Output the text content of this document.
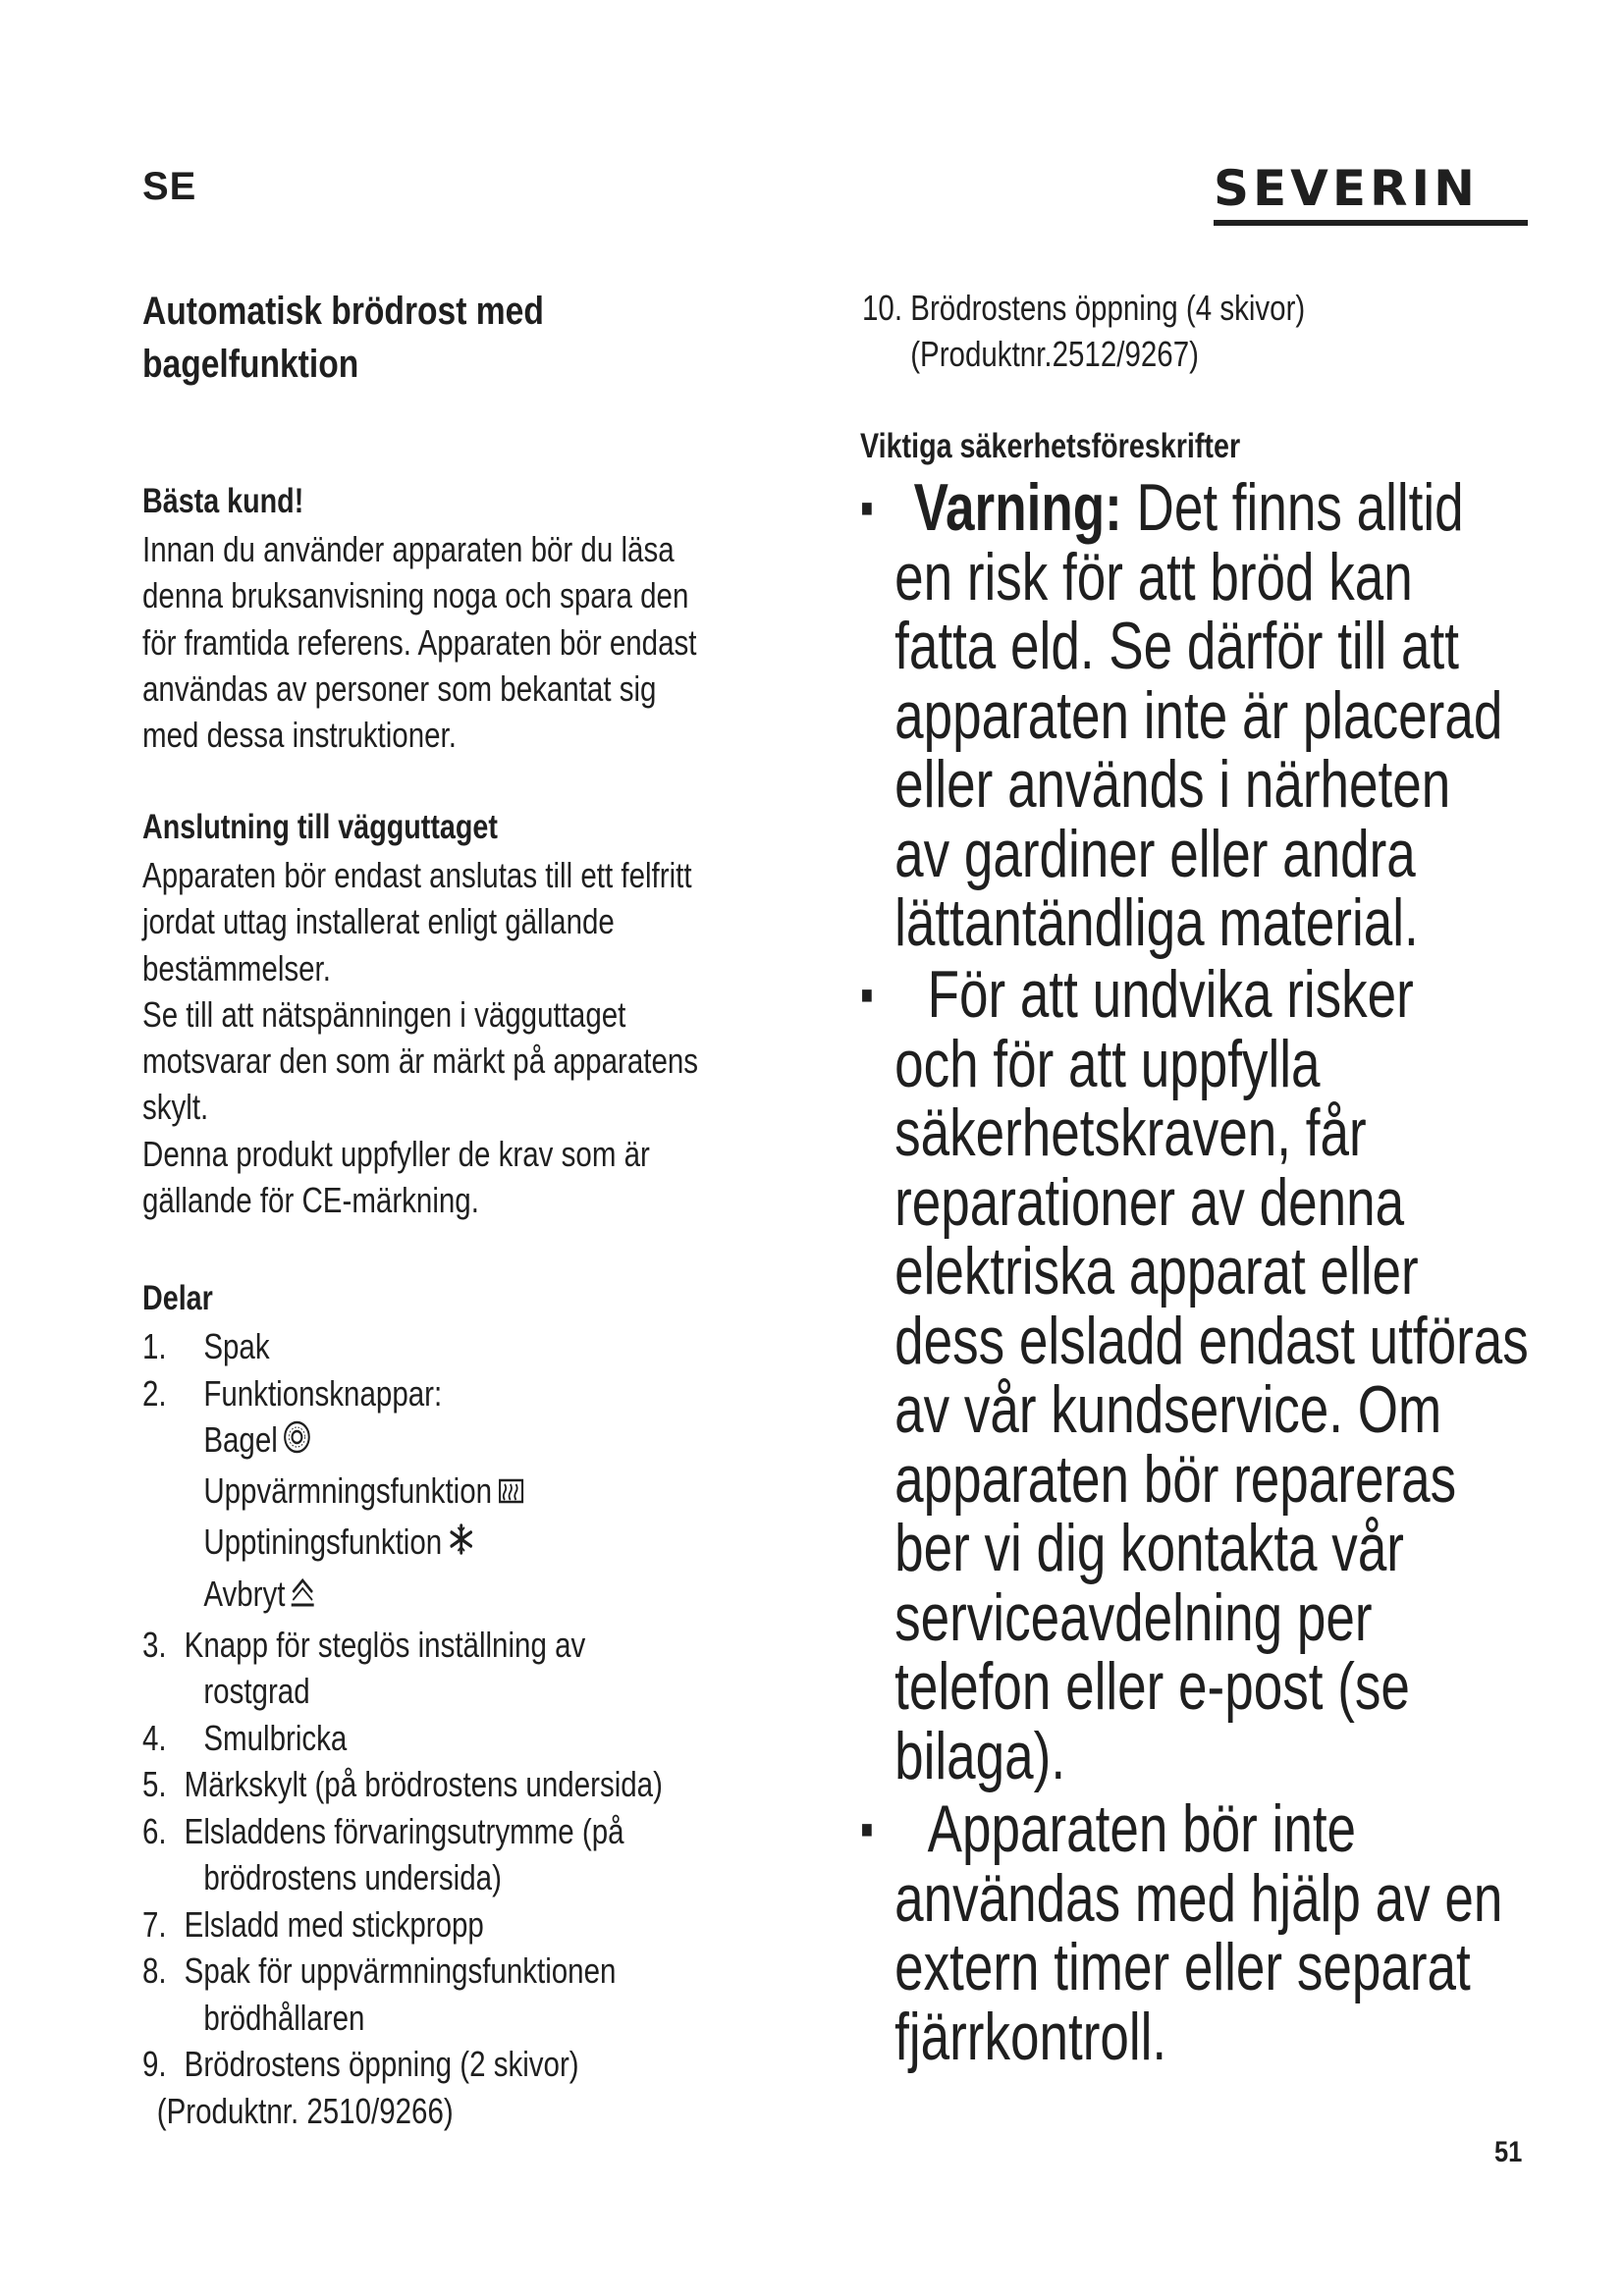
SE	SEVERIN
Automatisk brödrost med
bagelfunktion
Bästa kund!
Innan du använder apparaten bör du läsa
denna bruksanvisning noga och spara den
för framtida referens. Apparaten bör endast
användas av personer som bekantat sig
med dessa instruktioner.
Anslutning till vägguttaget
Apparaten bör endast anslutas till ett felfritt
jordat uttag installerat enligt gällande
bestämmelser.
Se till att nätspänningen i vägguttaget
motsvarar den som är märkt på apparatens
skylt.
Denna produkt uppfyller de krav som är
gällande för CE-märkning.
Delar
1. Spak
2. Funktionsknappar:
Bagel
Uppvärmningsfunktion
Upptiningsfunktion
Avbryt
3. Knapp för steglös inställning av
rostgrad
4. Smulbricka
5. Märkskylt (på brödrostens undersida)
6. Elsladdens förvaringsutrymme (på
brödrostens undersida)
7. Elsladd med stickpropp
8. Spak för uppvärmningsfunktionen
brödhållaren
9. Brödrostens öppning (2 skivor)
(Produktnr. 2510/9266)
10. Brödrostens öppning (4 skivor)
(Produktnr.2512/9267)
Viktiga säkerhetsföreskrifter
▪ Varning: Det finns alltid
en risk för att bröd kan
fatta eld. Se därför till att
apparaten inte är placerad
eller används i närheten
av gardiner eller andra
lättantändliga material.
▪ För att undvika risker
och för att uppfylla
säkerhetskraven, får
reparationer av denna
elektriska apparat eller
dess elsladd endast utföras
av vår kundservice. Om
apparaten bör repareras
ber vi dig kontakta vår
serviceavdelning per
telefon eller e-post (se
bilaga).
▪ Apparaten bör inte
användas med hjälp av en
extern timer eller separat
fjärrkontroll.
51
